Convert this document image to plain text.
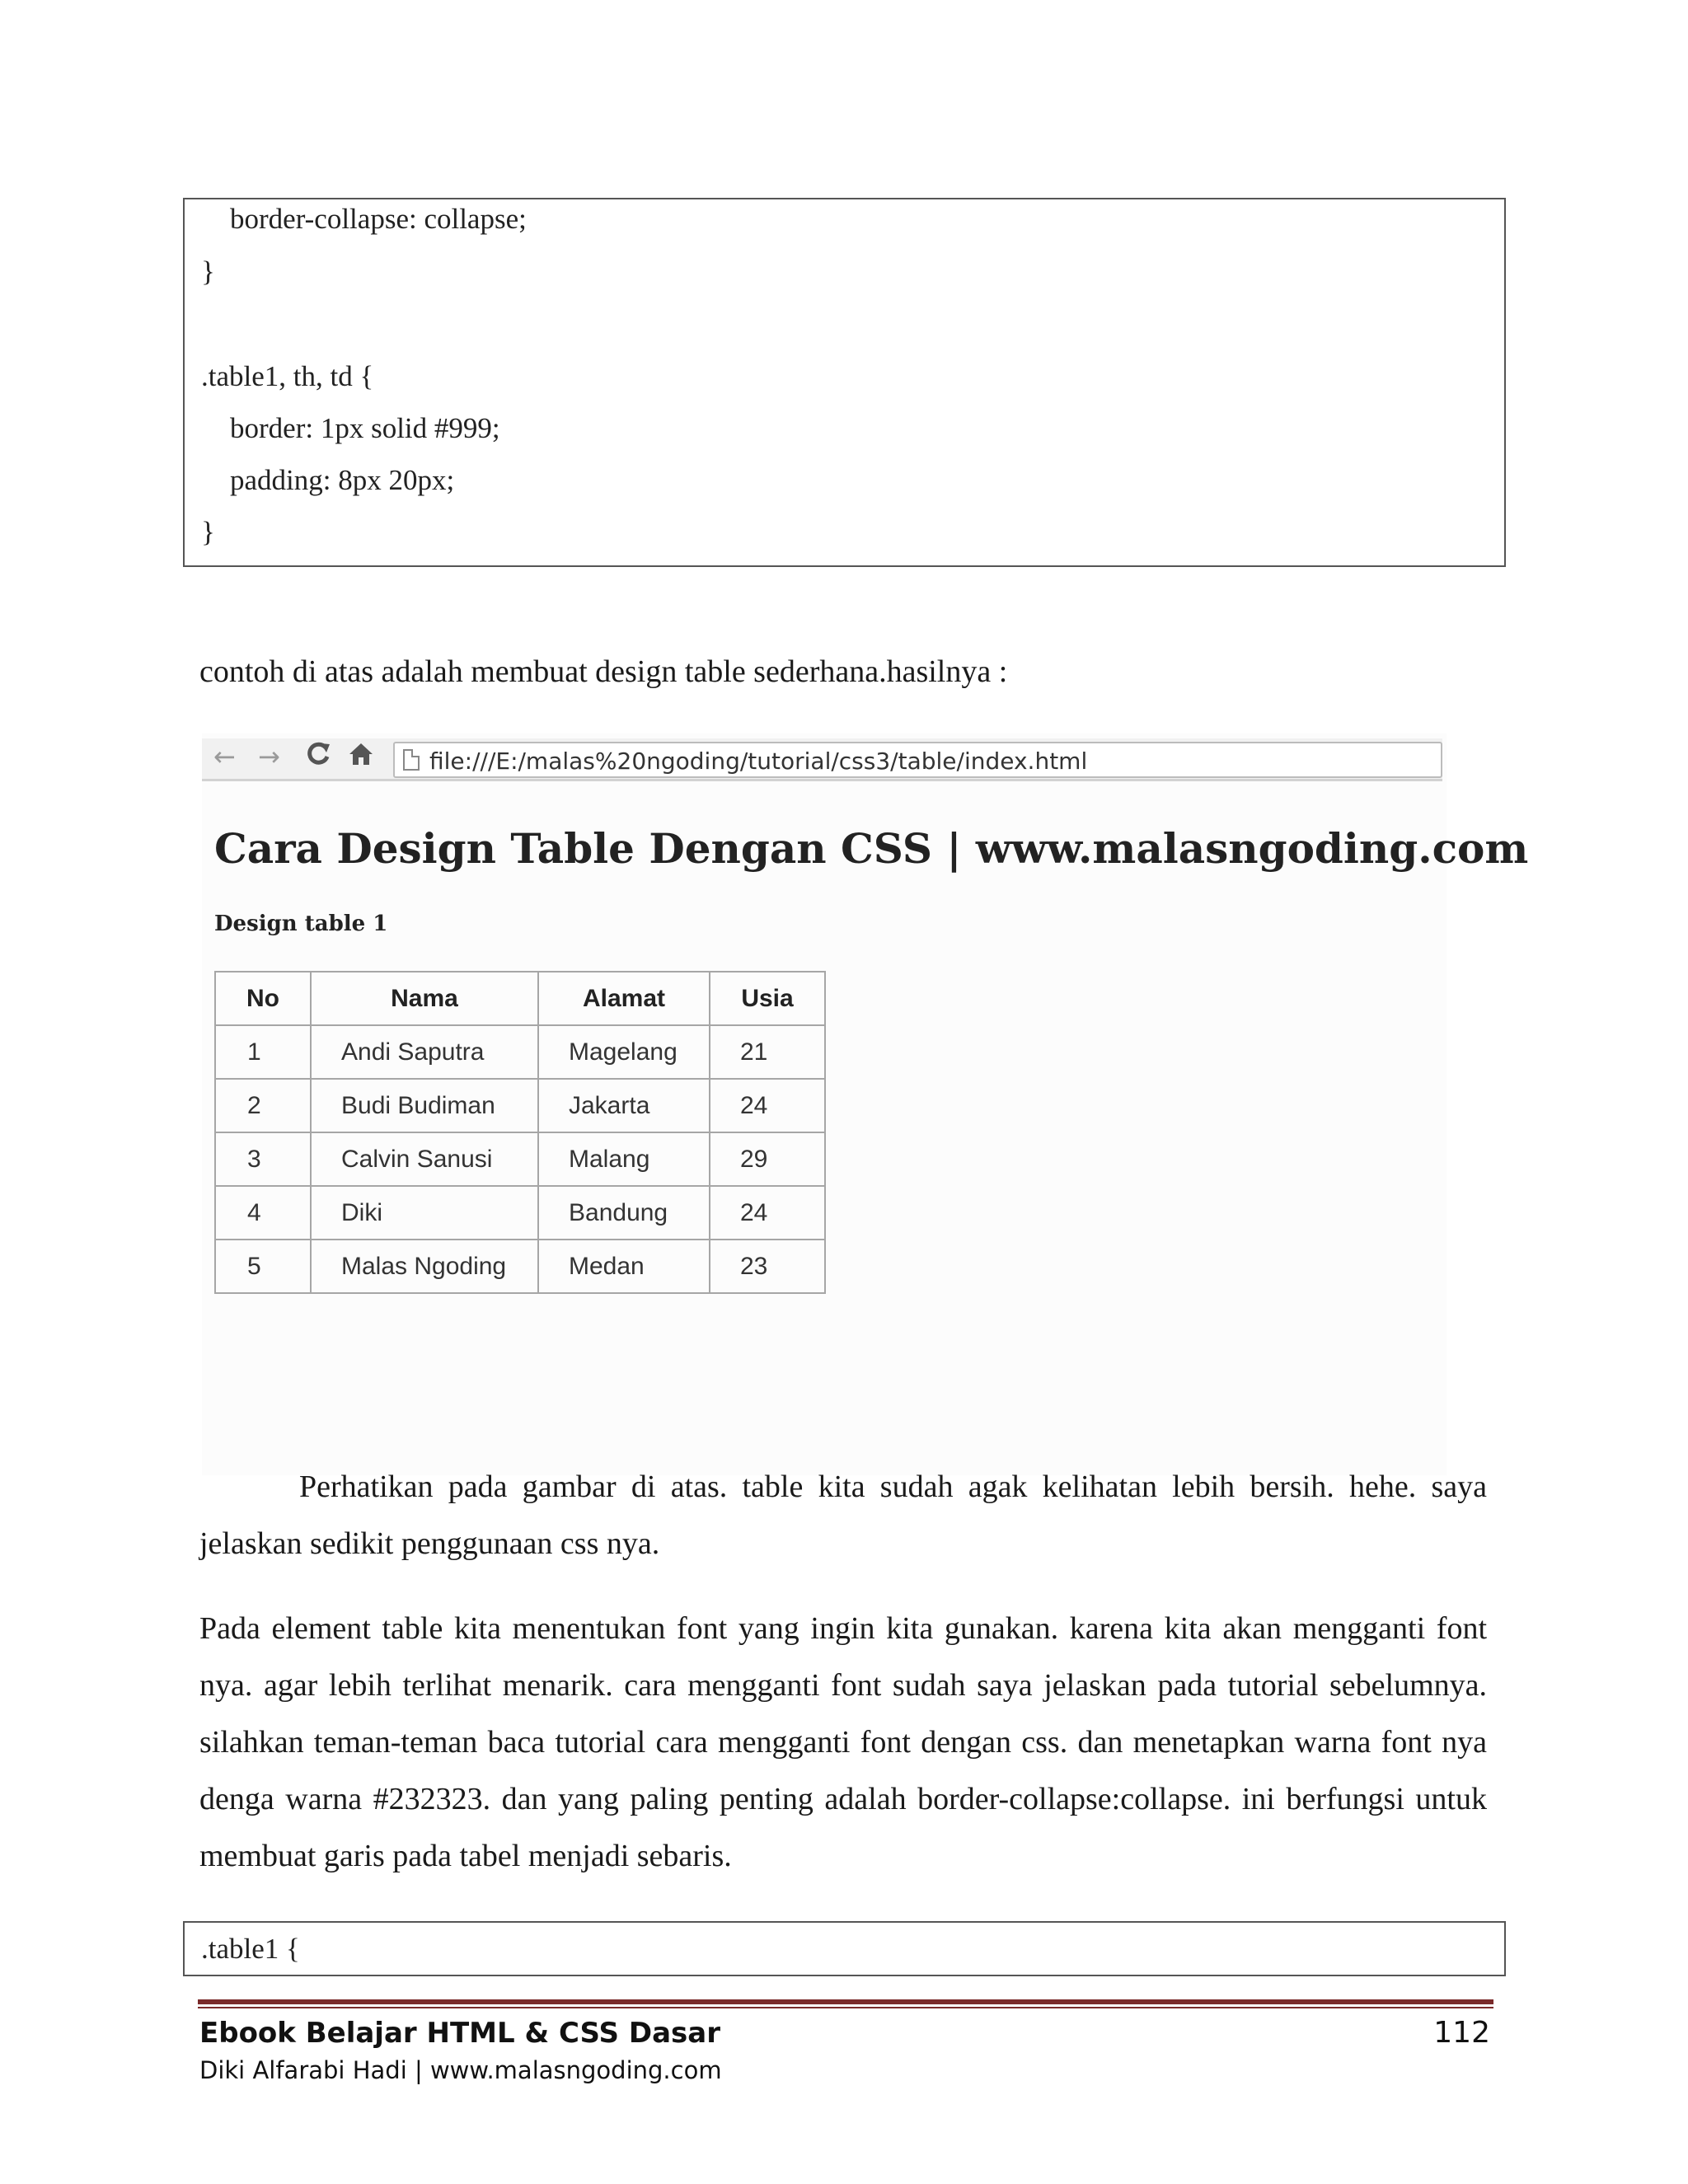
border-collapse: collapse;
}
.table1, th, td {
border: 1px solid #999;
padding: 8px 20px;
}
contoh di atas adalah membuat design table sederhana.hasilnya :
← →	file:///E:/malas%20ngoding/tutorial/css3/table/index.html
Cara Design Table Dengan CSS | www.malasngoding.com
Design table 1
No	Nama	Alamat	Usia
1	Andi Saputra	Magelang	21
2	Budi Budiman	Jakarta	24
3	Calvin Sanusi	Malang	29
4	Diki	Bandung	24
5	Malas Ngoding	Medan	23

Perhatikan pada gambar di atas. table kita sudah agak kelihatan lebih bersih. hehe. saya jelaskan sedikit penggunaan css nya.

Pada element table kita menentukan font yang ingin kita gunakan. karena kita akan mengganti font nya. agar lebih terlihat menarik. cara mengganti font sudah saya jelaskan pada tutorial sebelumnya. silahkan teman-teman baca tutorial cara mengganti font dengan css. dan menetapkan warna font nya denga warna #232323. dan yang paling penting adalah border-collapse:collapse. ini berfungsi untuk membuat garis pada tabel menjadi sebaris.

.table1 {
Ebook Belajar HTML & CSS Dasar	112
Diki Alfarabi Hadi | www.malasngoding.com
